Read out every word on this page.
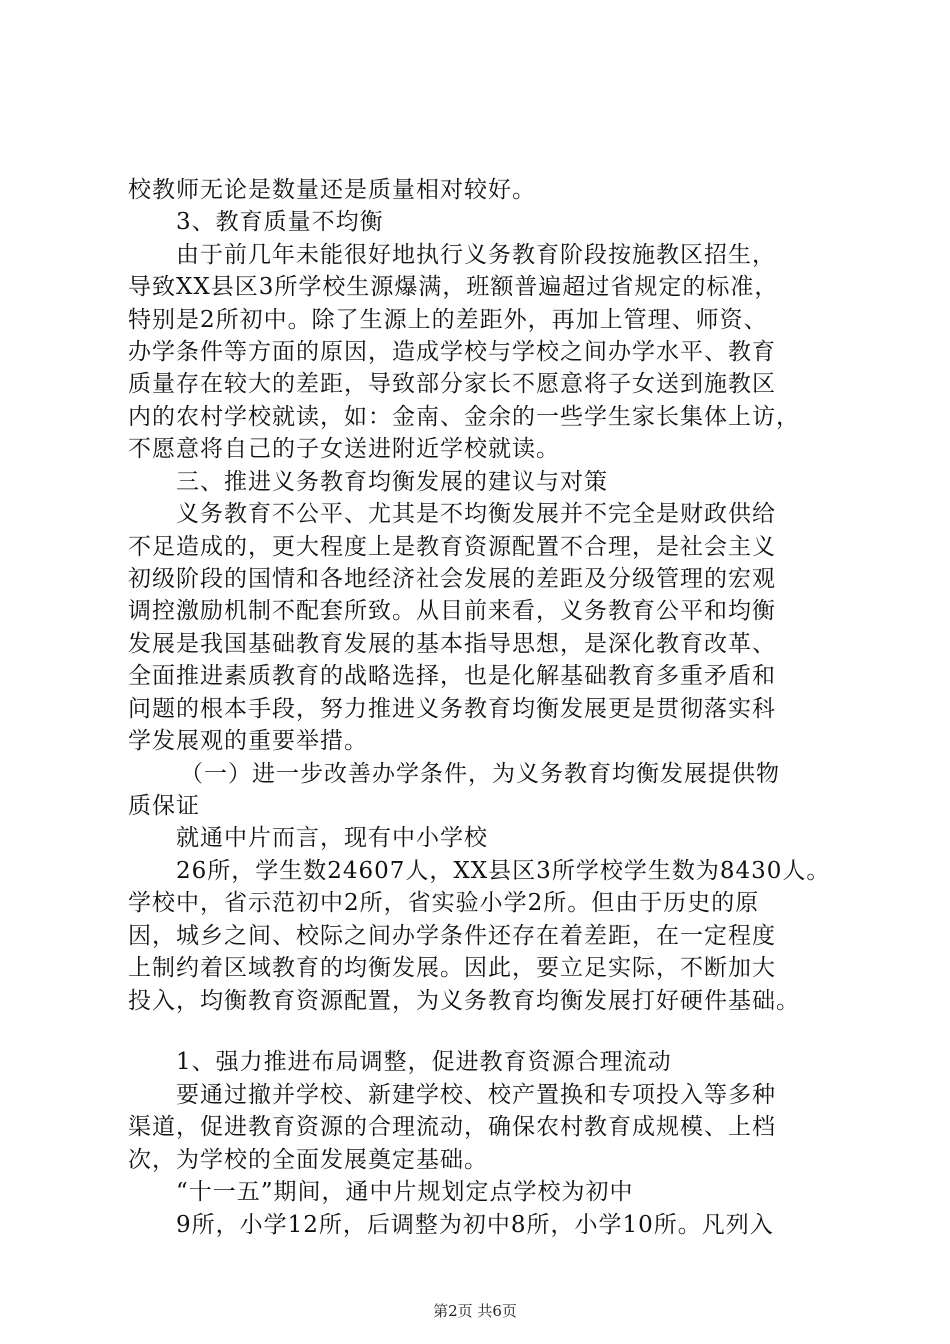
校教师无论是数量还是质量相对较好。
3、教育质量不均衡
由于前几年未能很好地执行义务教育阶段按施教区招生，
导致XX县区3所学校生源爆满，班额普遍超过省规定的标准，
特别是2所初中。除了生源上的差距外，再加上管理、师资、
办学条件等方面的原因，造成学校与学校之间办学水平、教育
质量存在较大的差距，导致部分家长不愿意将子女送到施教区
内的农村学校就读，如：金南、金余的一些学生家长集体上访，
不愿意将自己的子女送进附近学校就读。
三、推进义务教育均衡发展的建议与对策
义务教育不公平、尤其是不均衡发展并不完全是财政供给
不足造成的，更大程度上是教育资源配置不合理，是社会主义
初级阶段的国情和各地经济社会发展的差距及分级管理的宏观
调控激励机制不配套所致。从目前来看，义务教育公平和均衡
发展是我国基础教育发展的基本指导思想，是深化教育改革、
全面推进素质教育的战略选择，也是化解基础教育多重矛盾和
问题的根本手段，努力推进义务教育均衡发展更是贯彻落实科
学发展观的重要举措。
（一）进一步改善办学条件，为义务教育均衡发展提供物
质保证
就通中片而言，现有中小学校
26所，学生数24607人，XX县区3所学校学生数为8430人。
学校中，省示范初中2所，省实验小学2所。但由于历史的原
因，城乡之间、校际之间办学条件还存在着差距，在一定程度
上制约着区域教育的均衡发展。因此，要立足实际，不断加大
投入，均衡教育资源配置，为义务教育均衡发展打好硬件基础。
1、强力推进布局调整，促进教育资源合理流动
要通过撤并学校、新建学校、校产置换和专项投入等多种
渠道，促进教育资源的合理流动，确保农村教育成规模、上档
次，为学校的全面发展奠定基础。
“十一五”期间，通中片规划定点学校为初中
9所，小学12所，后调整为初中8所，小学10所。凡列入
第2页 共6页
